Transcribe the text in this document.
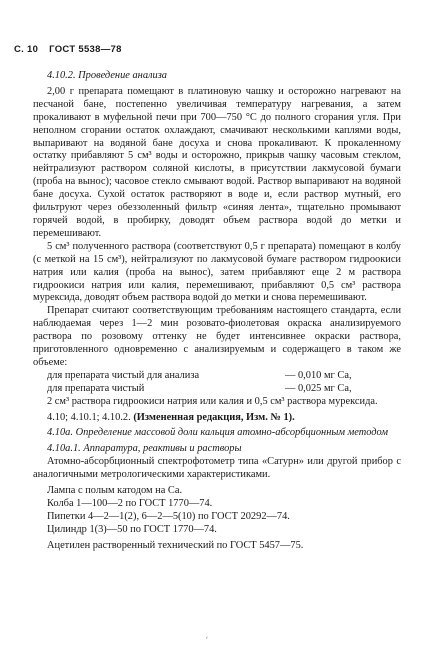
С. 10 ГОСТ 5538—78

4.10.2. Проведение анализа

2,00 г препарата помещают в платиновую чашку и осторожно нагревают на песчаной бане, постепенно увеличивая температуру нагревания, а затем прокаливают в муфельной печи при 700—750 °С до полного сгорания угля. При неполном сгорании остаток охлаждают, смачивают несколькими каплями воды, выпаривают на водяной бане досуха и снова прокаливают. К прокаленному остатку прибавляют 5 см³ воды и осторожно, прикрыв чашку часовым стеклом, нейтрализуют раствором соляной кислоты, в присутствии лакмусовой бумаги (проба на вынос); часовое стекло смывают водой. Раствор выпаривают на водяной бане досуха. Сухой остаток растворяют в воде и, если раствор мутный, его фильтруют через обеззоленный фильтр «синяя лента», тщательно промывают горячей водой, в пробирку, доводят объем раствора водой до метки и перемешивают.

5 см³ полученного раствора (соответствуют 0,5 г препарата) помещают в колбу (с меткой на 15 см³), нейтрализуют по лакмусовой бумаге раствором гидроокиси натрия или калия (проба на вынос), затем прибавляют еще 2 м раствора гидроокиси натрия или калия, перемешивают, прибавляют 0,5 см³ раствора мурексида, доводят объем раствора водой до метки и снова перемешивают.

Препарат считают соответствующим требованиям настоящего стандарта, если наблюдаемая через 1—2 мин розовато-фиолетовая окраска анализируемого раствора по розовому оттенку не будет интенсивнее окраски раствора, приготовленного одновременно с анализируемым и содержащего в таком же объеме:

для препарата чистый для анализа	— 0,010 мг Са,
для препарата чистый	— 0,025 мг Са,

2 см³ раствора гидроокиси натрия или калия и 0,5 см³ раствора мурексида.

4.10; 4.10.1; 4.10.2. (Измененная редакция, Изм. № 1).

4.10а. Определение массовой доли кальция атомно-абсорбционным методом

4.10а.1. Аппаратура, реактивы и растворы

Атомно-абсорбционный спектрофотометр типа «Сатурн» или другой прибор с аналогичными метрологическими характеристиками.

Лампа с полым катодом на Са.

Колба 1—100—2 по ГОСТ 1770—74.

Пипетки 4—2—1(2), 6—2—5(10) по ГОСТ 20292—74.

Цилиндр 1(3)—50 по ГОСТ 1770—74.

Ацетилен растворенный технический по ГОСТ 5457—75.

ʹ
